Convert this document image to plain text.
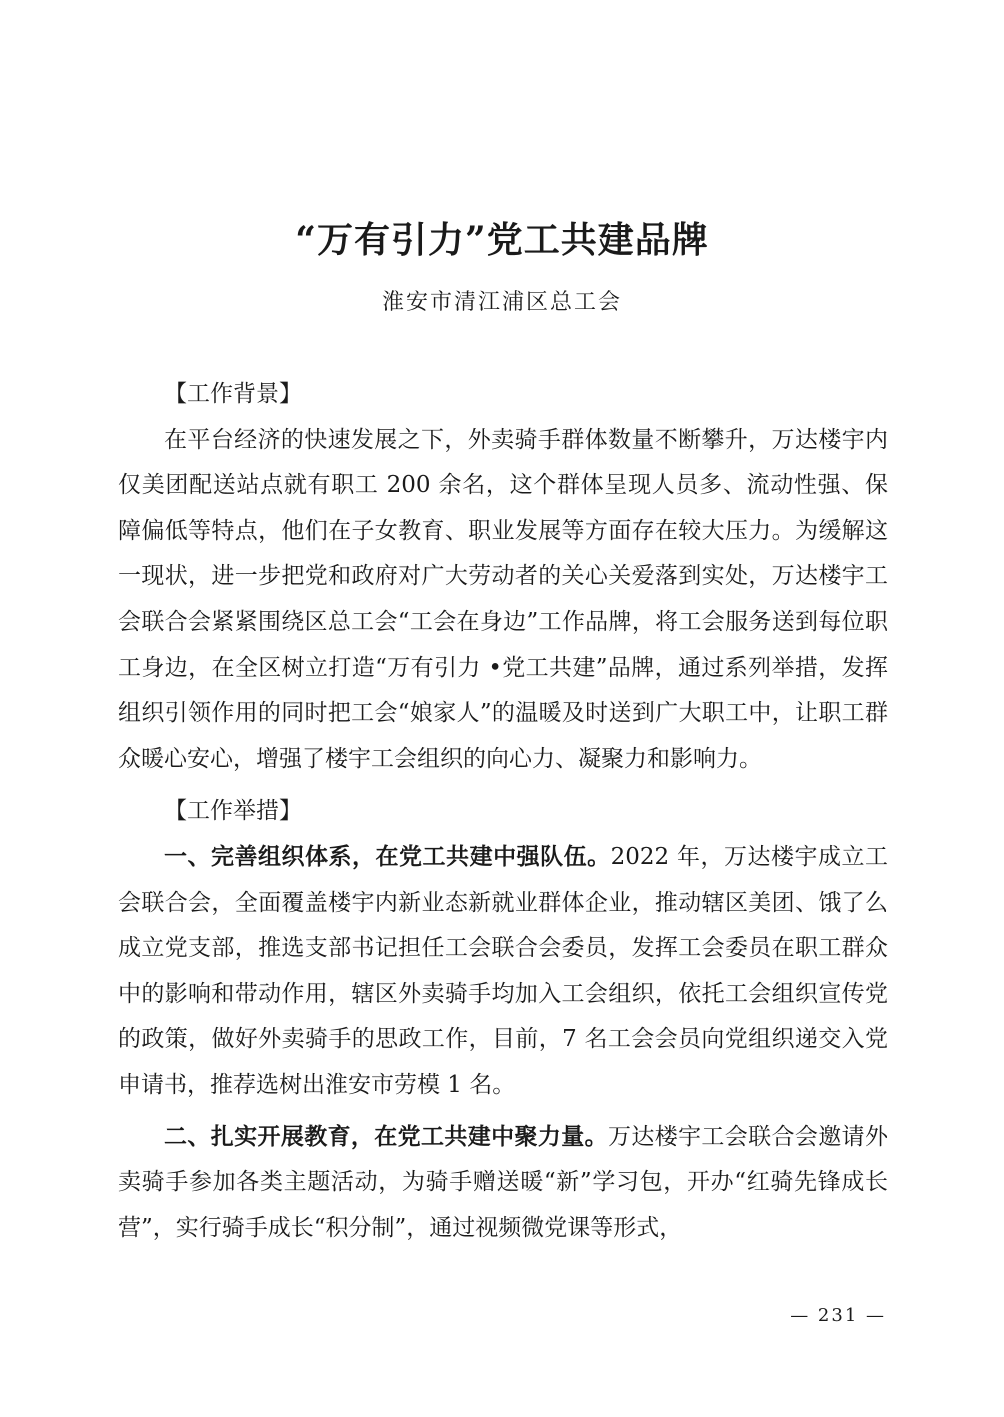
“万有引力”党工共建品牌
淮安市清江浦区总工会

【工作背景】

在平台经济的快速发展之下，外卖骑手群体数量不断攀升，万达楼宇内仅美团配送站点就有职工 200 余名，这个群体呈现人员多、流动性强、保障偏低等特点，他们在子女教育、职业发展等方面存在较大压力。为缓解这一现状，进一步把党和政府对广大劳动者的关心关爱落到实处，万达楼宇工会联合会紧紧围绕区总工会“工会在身边”工作品牌，将工会服务送到每位职工身边，在全区树立打造“万有引力 •党工共建”品牌，通过系列举措，发挥组织引领作用的同时把工会“娘家人”的温暖及时送到广大职工中，让职工群众暖心安心，增强了楼宇工会组织的向心力、凝聚力和影响力。

【工作举措】

一、完善组织体系，在党工共建中强队伍。2022 年，万达楼宇成立工会联合会，全面覆盖楼宇内新业态新就业群体企业，推动辖区美团、饿了么成立党支部，推选支部书记担任工会联合会委员，发挥工会委员在职工群众中的影响和带动作用，辖区外卖骑手均加入工会组织，依托工会组织宣传党的政策，做好外卖骑手的思政工作，目前，7 名工会会员向党组织递交入党申请书，推荐选树出淮安市劳模 1 名。

二、扎实开展教育，在党工共建中聚力量。万达楼宇工会联合会邀请外卖骑手参加各类主题活动，为骑手赠送暖“新”学习包，开办“红骑先锋成长营”，实行骑手成长“积分制”，通过视频微党课等形式，

— 231 —
